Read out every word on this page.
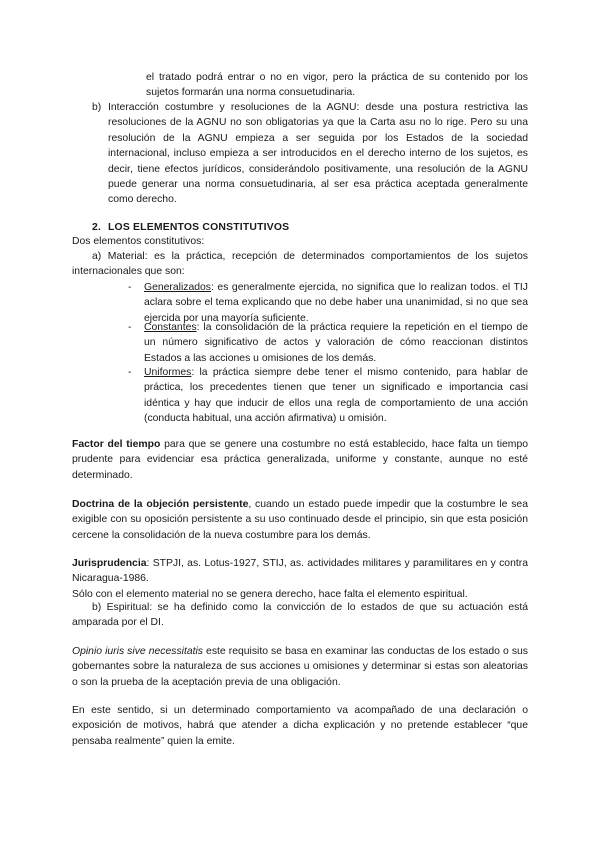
el tratado podrá entrar o no en vigor, pero la práctica de su contenido por los
sujetos formarán una norma consuetudinaria.
b) Interacción costumbre y resoluciones de la AGNU: desde una postura restrictiva las resoluciones de la AGNU no son obligatorias ya que la Carta asu no lo rige. Pero su una resolución de la AGNU empieza a ser seguida por los Estados de la sociedad internacional, incluso empieza a ser introducidos en el derecho interno de los sujetos, es decir, tiene efectos jurídicos, considerándolo positivamente, una resolución de la AGNU puede generar una norma consuetudinaria, al ser esa práctica aceptada generalmente como derecho.

2. LOS ELEMENTOS CONSTITUTIVOS
Dos elementos constitutivos:

a) Material: es la práctica, recepción de determinados comportamientos de los sujetos internacionales que son:

- Generalizados: es generalmente ejercida, no significa que lo realizan todos. el TIJ aclara sobre el tema explicando que no debe haber una unanimidad, si no que sea ejercida por una mayoría suficiente.

- Constantes: la consolidación de la práctica requiere la repetición en el tiempo de un número significativo de actos y valoración de cómo reaccionan distintos Estados a las acciones u omisiones de los demás.

- Uniformes: la práctica siempre debe tener el mismo contenido, para hablar de práctica, los precedentes tienen que tener un significado e importancia casi idéntica y hay que inducir de ellos una regla de comportamiento de una acción (conducta habitual, una acción afirmativa) u omisión.

Factor del tiempo para que se genere una costumbre no está establecido, hace falta un tiempo prudente para evidenciar esa práctica generalizada, uniforme y constante, aunque no esté determinado.

Doctrina de la objeción persistente, cuando un estado puede impedir que la costumbre le sea exigible con su oposición persistente a su uso continuado desde el principio, sin que esta posición cercene la consolidación de la nueva costumbre para los demás.

Jurisprudencia: STPJI, as. Lotus-1927, STIJ, as. actividades militares y paramilitares en y contra Nicaragua-1986.

Sólo con el elemento material no se genera derecho, hace falta el elemento espiritual.

b) Espiritual: se ha definido como la convicción de lo estados de que su actuación está amparada por el DI.

Opinio iuris sive necessitatis este requisito se basa en examinar las conductas de los estado o sus gobernantes sobre la naturaleza de sus acciones u omisiones y determinar si estas son aleatorias o son la prueba de la aceptación previa de una obligación.

En este sentido, si un determinado comportamiento va acompañado de una declaración o exposición de motivos, habrá que atender a dicha explicación y no pretende establecer “que pensaba realmente” quien la emite.
